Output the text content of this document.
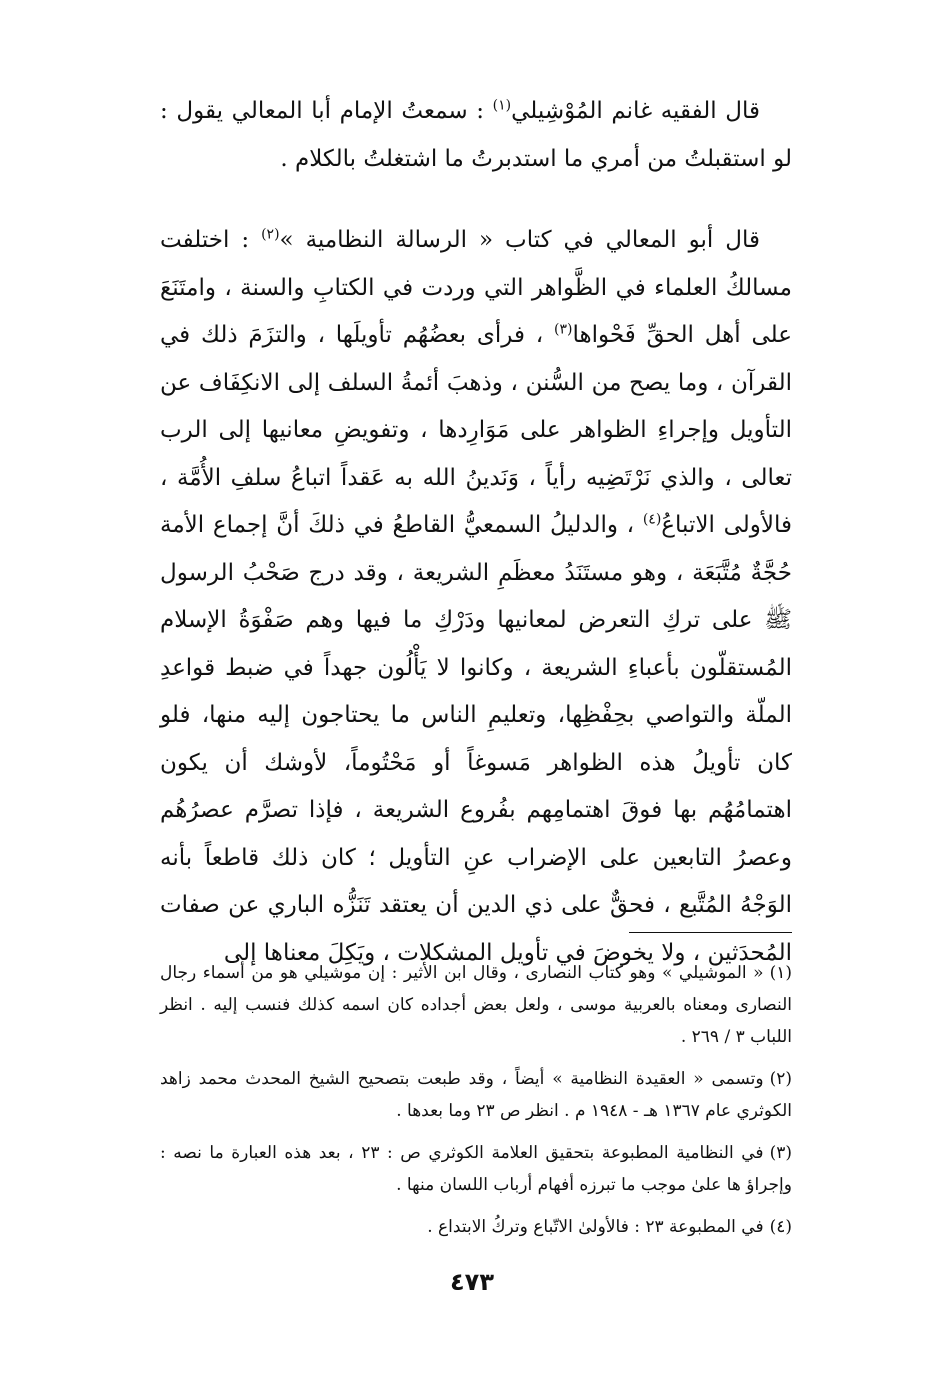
قال الفقيه غانم المُوْشِيلي$^{(١)}$ : سمعتُ الإمام أبا المعالي يقول : لو استقبلتُ من أمري ما استدبرتُ ما اشتغلتُ بالكلام .

قال أبو المعالي في كتاب « الرسالة النظامية »$^{(٢)}$ : اختلفت مسالكُ العلماء في الظَّواهر التي وردت في الكتابِ والسنة ، وامتَنَعَ على أهل الحقِّ فَحْواها$^{(٣)}$ ، فرأى بعضُهُم تأويلَها ، والتزَمَ ذلك في القرآن ، وما يصح من السُّنن ، وذهبَ أئمةُ السلف إلى الانكِفَاف عن التأويل وإجراءِ الظواهر على مَوَارِدها ، وتفويضِ معانيها إلى الرب تعالى ، والذي نَرْتَضِيه رأياً ، وَنَدينُ الله به عَقداً اتباعُ سلفِ الأُمَّة ، فالأولى الاتباعُ$^{(٤)}$ ، والدليلُ السمعيُّ القاطعُ في ذلكَ أنَّ إجماع الأمة حُجَّةٌ مُتَّبَعَة ، وهو مستَنَدُ معظَمِ الشريعة ، وقد درج صَحْبُ الرسول ﷺ على تركِ التعرض لمعانيها ودَرْكِ ما فيها وهم صَفْوَةُ الإسلام المُستقلّون بأعباءِ الشريعة ، وكانوا لا يَأْلُون جهداً في ضبط قواعدِ الملّة والتواصي بحِفْظِها، وتعليمِ الناس ما يحتاجون إليه منها، فلو كان تأويلُ هذه الظواهر مَسوغاً أو مَحْتُوماً، لأوشك أن يكون اهتمامُهُم بها فوقَ اهتمامِهم بفُروع الشريعة ، فإذا تصرَّم عصرُهُم وعصرُ التابعين على الإضراب عنِ التأويل ؛ كان ذلك قاطعاً بأنه الوَجْهُ المُتَّبع ، فحقٌّ على ذي الدين أن يعتقد تَنَزُّه الباري عن صفات المُحدَثين ، ولا يخوضَ في تأويل المشكلات ، ويَكِلَ معناها إلى

(١)« الموشيلي » وهو كتاب النصارى ، وقال ابن الأثير : إن موشيلي هو من أسماء رجال النصارى ومعناه بالعربية موسى ، ولعل بعض أجداده كان اسمه كذلك فنسب إليه . انظر اللباب ٣ / ٢٦٩ .

(٢)وتسمى « العقيدة النظامية » أيضاً ، وقد طبعت بتصحيح الشيخ المحدث محمد زاهد الكوثري عام ١٣٦٧ هـ - ١٩٤٨ م . انظر ص ٢٣ وما بعدها .

(٣)في النظامية المطبوعة بتحقيق العلامة الكوثري ص : ٢٣ ، بعد هذه العبارة ما نصه : وإجراؤ ها علىٰ موجب ما تبرزه أفهام أرباب اللسان منها .

(٤)في المطبوعة ٢٣ : فالأولىٰ الاتّباع وتركُ الابتداع .

٤٧٣
